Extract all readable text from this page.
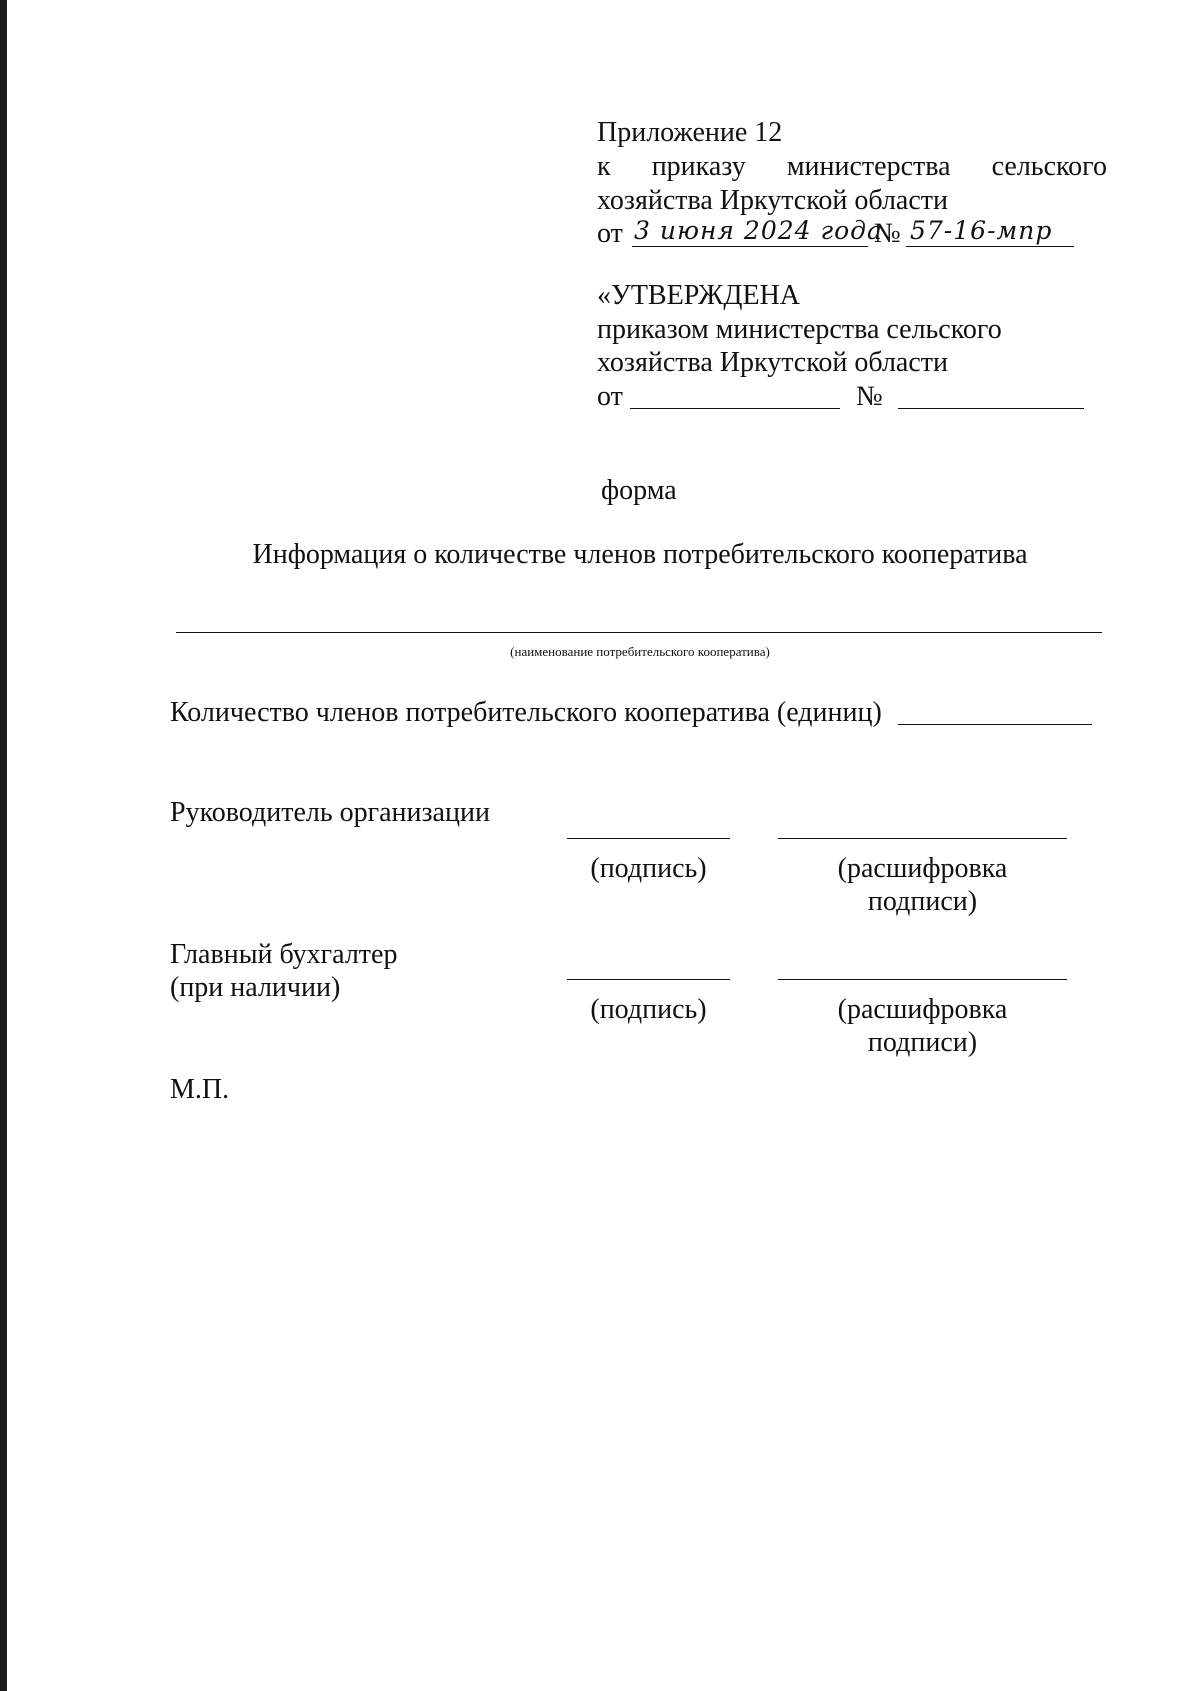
Приложение 12
к приказу министерства сельского
хозяйства Иркутской области
от 3 июня 2024 года
№ 57-16-мпр
«УТВЕРЖДЕНА
приказом министерства сельского
хозяйства Иркутской области
от	№
форма
Информация о количестве членов потребительского кооператива
(наименование потребительского кооператива)
Количество членов потребительского кооператива (единиц)
Руководитель организации
(подпись)	(расшифровка
подписи)
Главный бухгалтер
(при наличии)
(подпись)	(расшифровка
подписи)
М.П.
